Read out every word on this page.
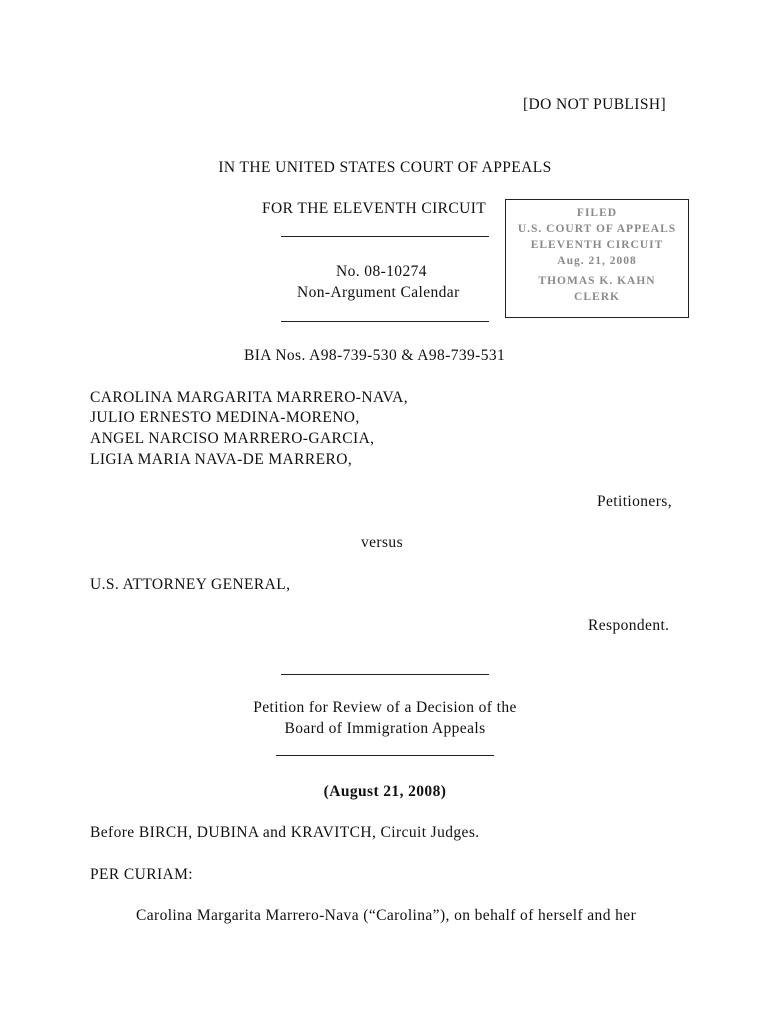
[DO NOT PUBLISH]
IN THE UNITED STATES COURT OF APPEALS
FOR THE ELEVENTH CIRCUIT
No. 08-10274
Non-Argument Calendar
FILED
U.S. COURT OF APPEALS
ELEVENTH CIRCUIT
Aug. 21, 2008
THOMAS K. KAHN
CLERK
BIA Nos. A98-739-530 & A98-739-531
CAROLINA MARGARITA MARRERO-NAVA,
JULIO ERNESTO MEDINA-MORENO,
ANGEL NARCISO MARRERO-GARCIA,
LIGIA MARIA NAVA-DE MARRERO,
Petitioners,
versus
U.S. ATTORNEY GENERAL,
Respondent.
Petition for Review of a Decision of the
Board of Immigration Appeals
(August 21, 2008)
Before BIRCH, DUBINA and KRAVITCH, Circuit Judges.
PER CURIAM:
Carolina Margarita Marrero-Nava (“Carolina”), on behalf of herself and her
